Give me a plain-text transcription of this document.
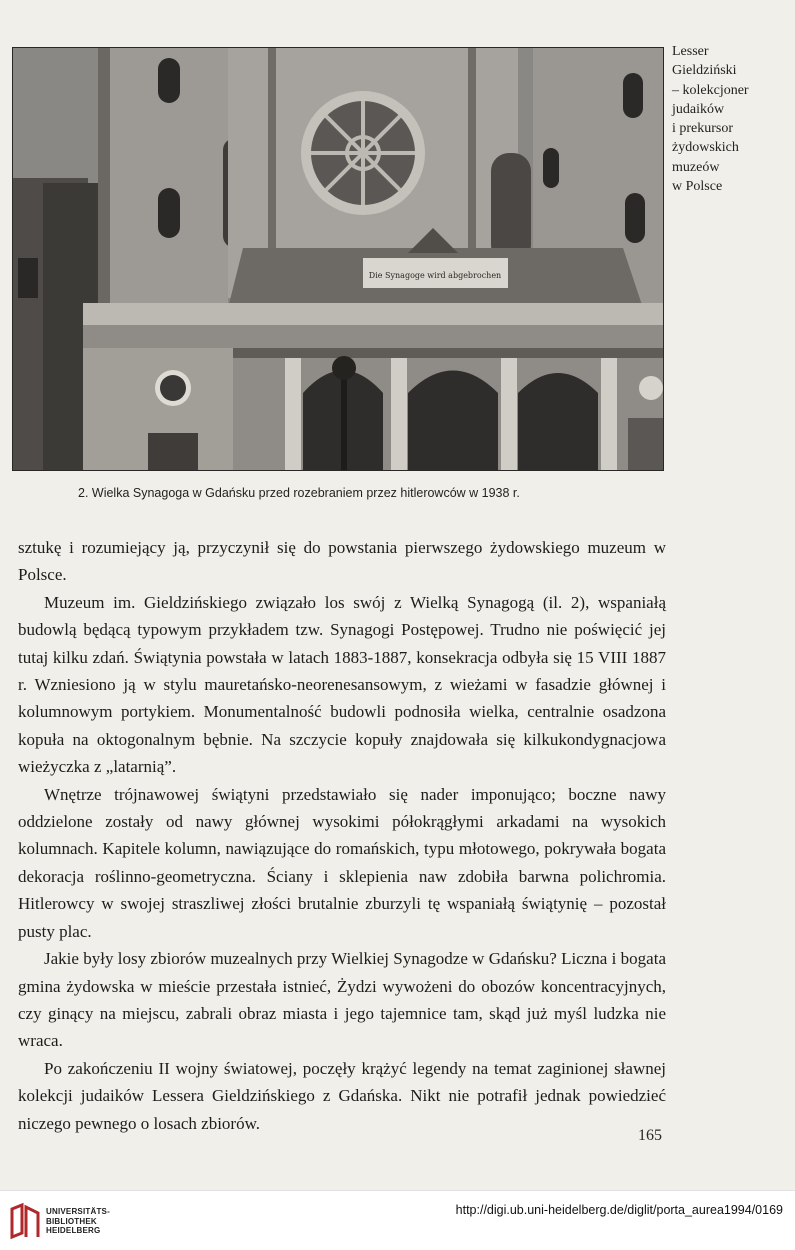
Die Synagoge wird abgebrochen
Lesser
Gieldziński
– kolekcjoner
judaików
i prekursor
żydowskich
muzeów
w Polsce
2. Wielka Synagoga w Gdańsku przed rozebraniem przez hitlerowców w 1938 r.

sztukę i rozumiejący ją, przyczynił się do powstania pierwszego żydowskiego muzeum w Polsce.

Muzeum im. Gieldzińskiego związało los swój z Wielką Synagogą (il. 2), wspaniałą budowlą będącą typowym przykładem tzw. Synagogi Postępowej. Trudno nie poświęcić jej tutaj kilku zdań. Świątynia powstała w latach 1883-1887, konsekracja odbyła się 15 VIII 1887 r. Wzniesiono ją w stylu mauretańsko-neorenesansowym, z wieżami w fasadzie głównej i kolumnowym portykiem. Monumentalność budowli podnosiła wielka, centralnie osadzona kopuła na oktogonalnym bębnie. Na szczycie kopuły znajdowała się kilkukondygnacjowa wieżyczka z „latarnią”.

Wnętrze trójnawowej świątyni przedstawiało się nader imponująco; boczne nawy oddzielone zostały od nawy głównej wysokimi półokrągłymi arkadami na wysokich kolumnach. Kapitele kolumn, nawiązujące do romańskich, typu młotowego, pokrywała bogata dekoracja roślinno-geometryczna. Ściany i sklepienia naw zdobiła barwna polichromia. Hitlerowcy w swojej straszliwej złości brutalnie zburzyli tę wspaniałą świątynię – pozostał pusty plac.

Jakie były losy zbiorów muzealnych przy Wielkiej Synagodze w Gdańsku? Liczna i bogata gmina żydowska w mieście przestała istnieć, Żydzi wywożeni do obozów koncentracyjnych, czy ginący na miejscu, zabrali obraz miasta i jego tajemnice tam, skąd już myśl ludzka nie wraca.

Po zakończeniu II wojny światowej, poczęły krążyć legendy na temat zaginionej sławnej kolekcji judaików Lessera Gieldzińskiego z Gdańska. Nikt nie potrafił jednak powiedzieć niczego pewnego o losach zbiorów.

165
UNIVERSITÄTS-
BIBLIOTHEK
HEIDELBERG
http://digi.ub.uni-heidelberg.de/diglit/porta_aurea1994/0169
